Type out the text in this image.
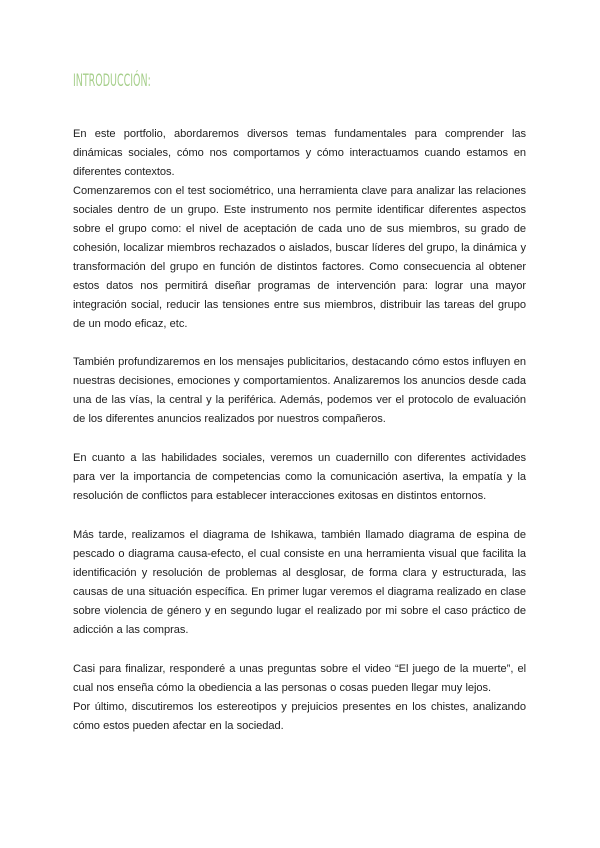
INTRODUCCIÓN:

En este portfolio, abordaremos diversos temas fundamentales para comprender las dinámicas sociales, cómo nos comportamos y cómo interactuamos cuando estamos en diferentes contextos.

Comenzaremos con el test sociométrico, una herramienta clave para analizar las relaciones sociales dentro de un grupo. Este instrumento nos permite identificar diferentes aspectos sobre el grupo como: el nivel de aceptación de cada uno de sus miembros, su grado de cohesión, localizar miembros rechazados o aislados, buscar líderes del grupo, la dinámica y transformación del grupo en función de distintos factores. Como consecuencia al obtener estos datos nos permitirá diseñar programas de intervención para: lograr una mayor integración social, reducir las tensiones entre sus miembros, distribuir las tareas del grupo de un modo eficaz, etc.

También profundizaremos en los mensajes publicitarios, destacando cómo estos influyen en nuestras decisiones, emociones y comportamientos. Analizaremos los anuncios desde cada una de las vías, la central y la periférica. Además, podemos ver el protocolo de evaluación de los diferentes anuncios realizados por nuestros compañeros.

En cuanto a las habilidades sociales, veremos un cuadernillo con diferentes actividades para ver la importancia de competencias como la comunicación asertiva, la empatía y la resolución de conflictos para establecer interacciones exitosas en distintos entornos.

Más tarde, realizamos el diagrama de Ishikawa, también llamado diagrama de espina de pescado o diagrama causa-efecto, el cual consiste en una herramienta visual que facilita la identificación y resolución de problemas al desglosar, de forma clara y estructurada, las causas de una situación específica. En primer lugar veremos el diagrama realizado en clase sobre violencia de género y en segundo lugar el realizado por mi sobre el caso práctico de adicción a las compras.

Casi para finalizar, responderé a unas preguntas sobre el video “El juego de la muerte”, el cual nos enseña cómo la obediencia a las personas o cosas pueden llegar muy lejos.

Por último, discutiremos los estereotipos y prejuicios presentes en los chistes, analizando cómo estos pueden afectar en la sociedad.
